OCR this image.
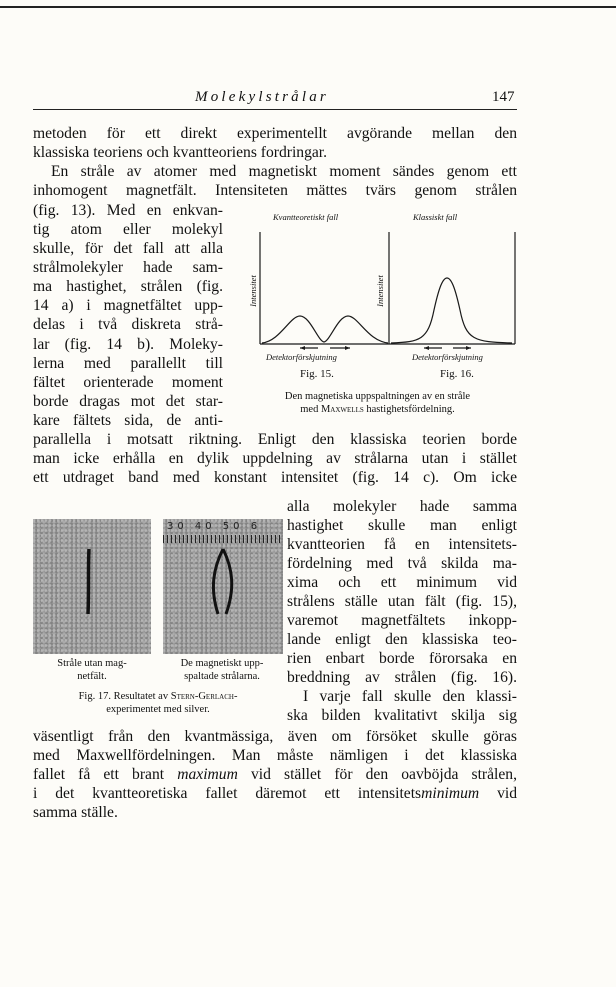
Molekylstrålar	147
metoden för ett direkt experimentellt avgörande mellan den
klassiska teoriens och kvantteoriens fordringar.
En stråle av atomer med magnetiskt moment sändes genom ett
inhomogent magnetfält. Intensiteten mättes tvärs genom strålen
(fig. 13). Med en enkvan-
tig atom eller molekyl
skulle, för det fall att alla
strålmolekyler hade sam-
ma hastighet, strålen (fig.
14 a) i magnetfältet upp-
delas i två diskreta strå-
lar (fig. 14 b). Moleky-
lerna med parallellt till
fältet orienterade moment
borde dragas mot det star-
kare fältets sida, de anti-
Kvantteoretiskt fall	Klassiskt fall
Intensitet	Intensitet
Detektorförskjutning	Detektorförskjutning
Fig. 15.	Fig. 16.
Den magnetiska uppspaltningen av en stråle
med Maxwells hastighetsfördelning.
parallella i motsatt riktning. Enligt den klassiska teorien borde
man icke erhålla en dylik uppdelning av strålarna utan i stället
ett utdraget band med konstant intensitet (fig. 14 c). Om icke
30 40 50 6
Stråle utan mag-
netfält.
De magnetiskt upp-
spaltade strålarna.
Fig. 17. Resultatet av Stern-Gerlach-
experimentet med silver.
alla molekyler hade samma
hastighet skulle man enligt
kvantteorien få en intensitets-
fördelning med två skilda ma-
xima och ett minimum vid
strålens ställe utan fält (fig. 15),
varemot magnetfältets inkopp-
lande enligt den klassiska teo-
rien enbart borde förorsaka en
breddning av strålen (fig. 16).
I varje fall skulle den klassi-
ska bilden kvalitativt skilja sig
väsentligt från den kvantmässiga, även om försöket skulle göras
med Maxwellfördelningen. Man måste nämligen i det klassiska
fallet få ett brant maximum vid stället för den oavböjda strålen,
i det kvantteoretiska fallet däremot ett intensitetsminimum vid
samma ställe.
